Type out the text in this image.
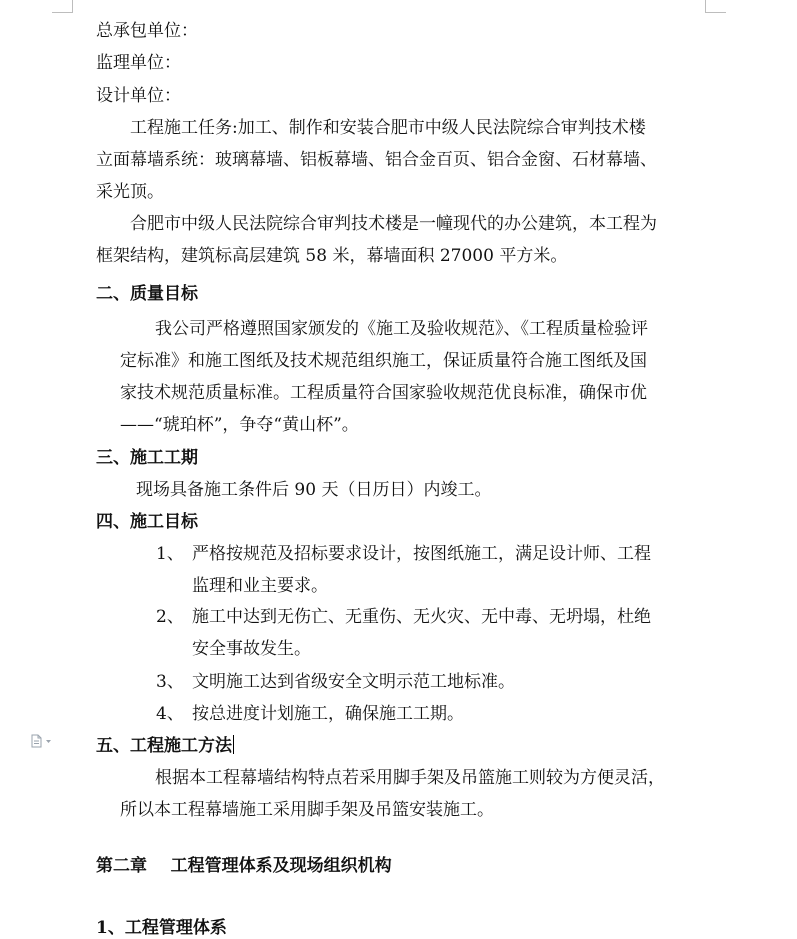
总承包单位：
监理单位：
设计单位：
工程施工任务:加工、制作和安装合肥市中级人民法院综合审判技术楼
立面幕墙系统：玻璃幕墙、铝板幕墙、铝合金百页、铝合金窗、石材幕墙、
采光顶。
合肥市中级人民法院综合审判技术楼是一幢现代的办公建筑，本工程为
框架结构，建筑标高层建筑 58 米，幕墙面积 27000 平方米。
二、质量目标
我公司严格遵照国家颁发的《施工及验收规范》、《工程质量检验评
定标准》和施工图纸及技术规范组织施工，保证质量符合施工图纸及国
家技术规范质量标准。工程质量符合国家验收规范优良标准，确保市优
——“琥珀杯”，争夺“黄山杯”。
三、施工工期
现场具备施工条件后 90 天（日历日）内竣工。
四、施工目标
1、 严格按规范及招标要求设计，按图纸施工，满足设计师、工程
监理和业主要求。
2、 施工中达到无伤亡、无重伤、无火灾、无中毒、无坍塌，杜绝
安全事故发生。
3、 文明施工达到省级安全文明示范工地标准。
4、 按总进度计划施工，确保施工工期。
五、工程施工方法
根据本工程幕墙结构特点若采用脚手架及吊篮施工则较为方便灵活，
所以本工程幕墙施工采用脚手架及吊篮安装施工。
第二章    工程管理体系及现场组织机构
1、工程管理体系
